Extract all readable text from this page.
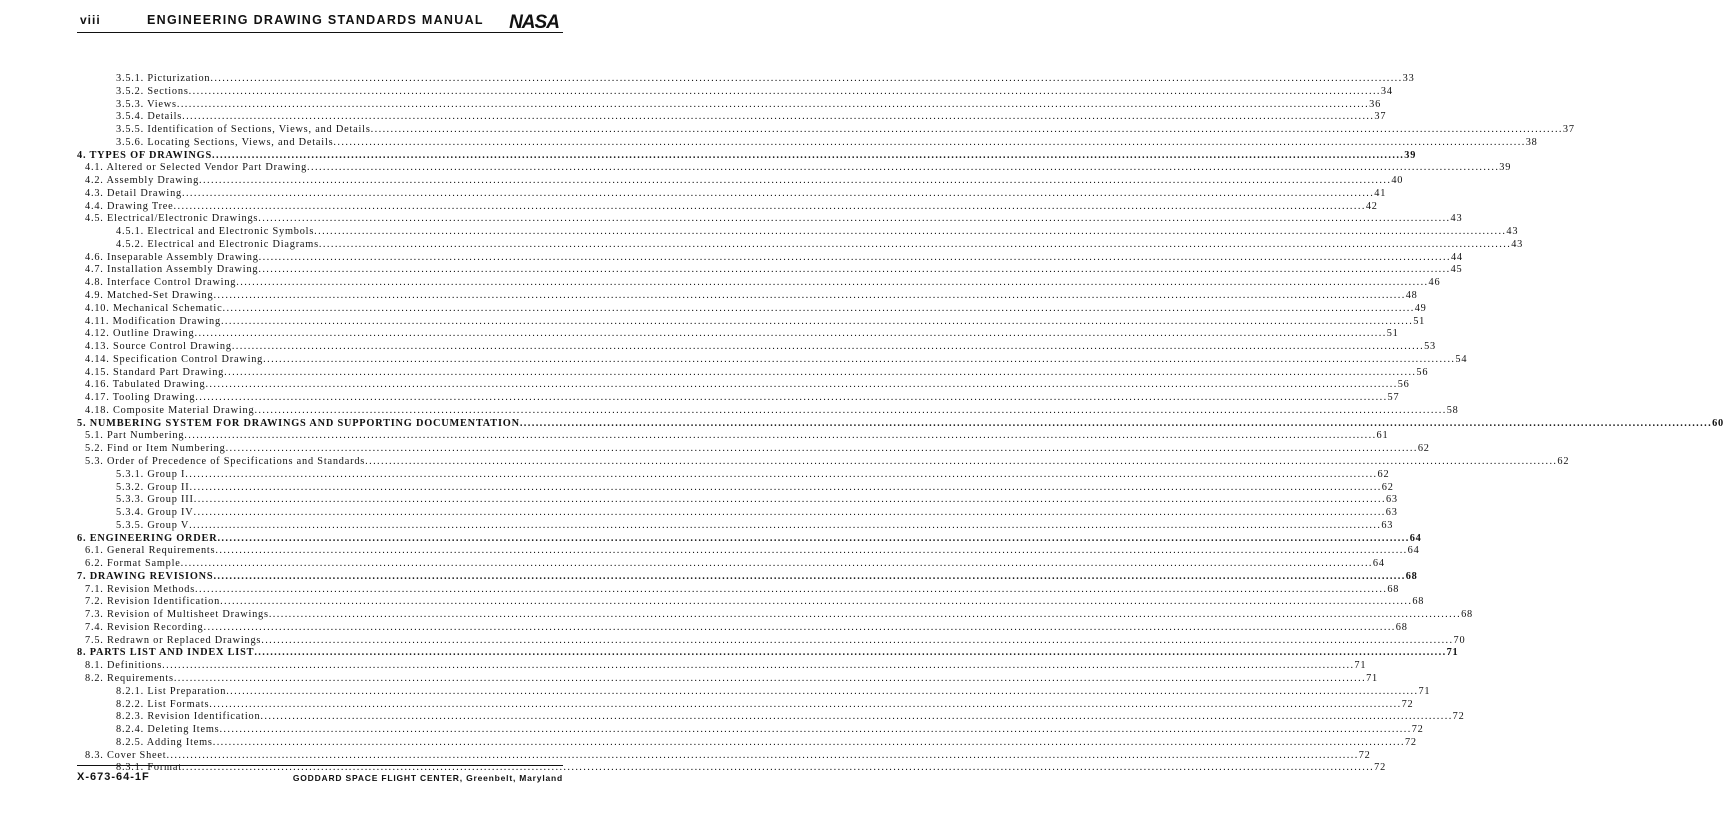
viii	ENGINEERING DRAWING STANDARDS MANUAL NASA
3.5.1. Picturization ............................................................................................................................................................................................................................................................................................................ 33
3.5.2. Sections ............................................................................................................................................................................................................................................................................................................ 34
3.5.3. Views ............................................................................................................................................................................................................................................................................................................ 36
3.5.4. Details ............................................................................................................................................................................................................................................................................................................ 37
3.5.5. Identification of Sections, Views, and Details ............................................................................................................................................................................................................................................................................................................ 37
3.5.6. Locating Sections, Views, and Details ............................................................................................................................................................................................................................................................................................................ 38
4. TYPES OF DRAWINGS ............................................................................................................................................................................................................................................................................................................ 39
4.1. Altered or Selected Vendor Part Drawing ............................................................................................................................................................................................................................................................................................................ 39
4.2. Assembly Drawing ............................................................................................................................................................................................................................................................................................................ 40
4.3. Detail Drawing ............................................................................................................................................................................................................................................................................................................ 41
4.4. Drawing Tree ............................................................................................................................................................................................................................................................................................................ 42
4.5. Electrical/Electronic Drawings ............................................................................................................................................................................................................................................................................................................ 43
4.5.1. Electrical and Electronic Symbols ............................................................................................................................................................................................................................................................................................................ 43
4.5.2. Electrical and Electronic Diagrams ............................................................................................................................................................................................................................................................................................................ 43
4.6. Inseparable Assembly Drawing ............................................................................................................................................................................................................................................................................................................ 44
4.7. Installation Assembly Drawing ............................................................................................................................................................................................................................................................................................................ 45
4.8. Interface Control Drawing ............................................................................................................................................................................................................................................................................................................ 46
4.9. Matched-Set Drawing ............................................................................................................................................................................................................................................................................................................ 48
4.10. Mechanical Schematic ............................................................................................................................................................................................................................................................................................................ 49
4.11. Modification Drawing ............................................................................................................................................................................................................................................................................................................ 51
4.12. Outline Drawing ............................................................................................................................................................................................................................................................................................................ 51
4.13. Source Control Drawing ............................................................................................................................................................................................................................................................................................................ 53
4.14. Specification Control Drawing ............................................................................................................................................................................................................................................................................................................ 54
4.15. Standard Part Drawing ............................................................................................................................................................................................................................................................................................................ 56
4.16. Tabulated Drawing ............................................................................................................................................................................................................................................................................................................ 56
4.17. Tooling Drawing ............................................................................................................................................................................................................................................................................................................ 57
4.18. Composite Material Drawing ............................................................................................................................................................................................................................................................................................................ 58
5. NUMBERING SYSTEM FOR DRAWINGS AND SUPPORTING DOCUMENTATION ............................................................................................................................................................................................................................................................................................................ 60
5.1. Part Numbering ............................................................................................................................................................................................................................................................................................................ 61
5.2. Find or Item Numbering ............................................................................................................................................................................................................................................................................................................ 62
5.3. Order of Precedence of Specifications and Standards ............................................................................................................................................................................................................................................................................................................ 62
5.3.1. Group I ............................................................................................................................................................................................................................................................................................................ 62
5.3.2. Group II ............................................................................................................................................................................................................................................................................................................ 62
5.3.3. Group III ............................................................................................................................................................................................................................................................................................................ 63
5.3.4. Group IV ............................................................................................................................................................................................................................................................................................................ 63
5.3.5. Group V ............................................................................................................................................................................................................................................................................................................ 63
6. ENGINEERING ORDER ............................................................................................................................................................................................................................................................................................................ 64
6.1. General Requirements ............................................................................................................................................................................................................................................................................................................ 64
6.2. Format Sample ............................................................................................................................................................................................................................................................................................................ 64
7. DRAWING REVISIONS ............................................................................................................................................................................................................................................................................................................ 68
7.1. Revision Methods ............................................................................................................................................................................................................................................................................................................ 68
7.2. Revision Identification ............................................................................................................................................................................................................................................................................................................ 68
7.3. Revision of Multisheet Drawings ............................................................................................................................................................................................................................................................................................................ 68
7.4. Revision Recording ............................................................................................................................................................................................................................................................................................................ 68
7.5. Redrawn or Replaced Drawings ............................................................................................................................................................................................................................................................................................................ 70
8. PARTS LIST AND INDEX LIST ............................................................................................................................................................................................................................................................................................................ 71
8.1. Definitions ............................................................................................................................................................................................................................................................................................................ 71
8.2. Requirements ............................................................................................................................................................................................................................................................................................................ 71
8.2.1. List Preparation ............................................................................................................................................................................................................................................................................................................ 71
8.2.2. List Formats ............................................................................................................................................................................................................................................................................................................ 72
8.2.3. Revision Identification ............................................................................................................................................................................................................................................................................................................ 72
8.2.4. Deleting Items ............................................................................................................................................................................................................................................................................................................ 72
8.2.5. Adding Items ............................................................................................................................................................................................................................................................................................................ 72
8.3. Cover Sheet ............................................................................................................................................................................................................................................................................................................ 72
8.3.1. Format ............................................................................................................................................................................................................................................................................................................ 72
X-673-64-1F	GODDARD SPACE FLIGHT CENTER, Greenbelt, Maryland
